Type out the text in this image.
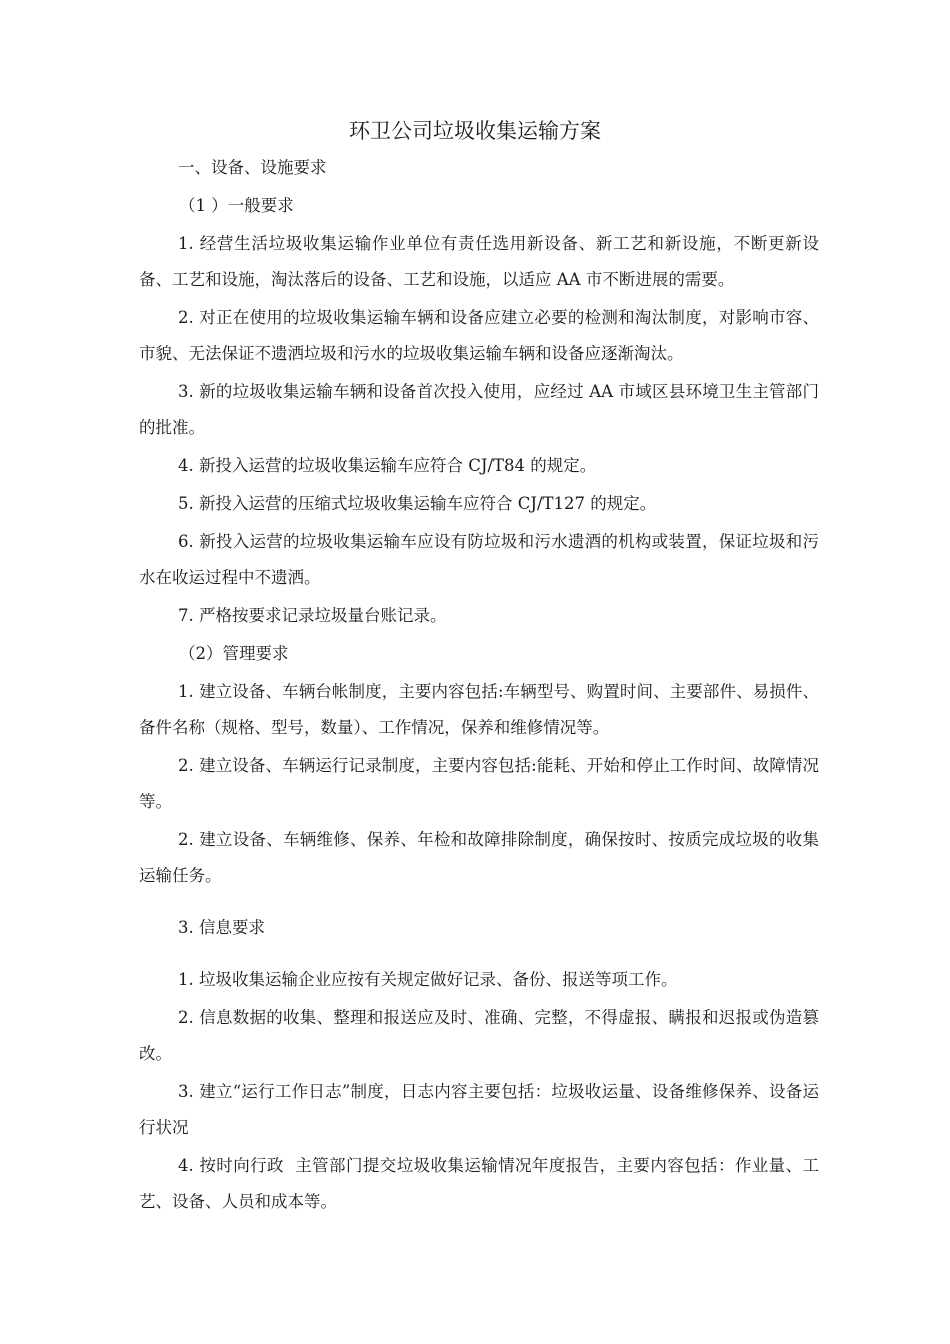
环卫公司垃圾收集运输方案

一、设备、设施要求

（1 ）一般要求

1. 经营生活垃圾收集运输作业单位有责任选用新设备、新工艺和新设施，不断更新设备、工艺和设施，淘汰落后的设备、工艺和设施，以适应 AA 市不断进展的需要。

2. 对正在使用的垃圾收集运输车辆和设备应建立必要的检测和淘汰制度，对影响市容、市貌、无法保证不遗洒垃圾和污水的垃圾收集运输车辆和设备应逐渐淘汰。

3. 新的垃圾收集运输车辆和设备首次投入使用，应经过 AA 市域区县环境卫生主管部门的批准。

4. 新投入运营的垃圾收集运输车应符合 CJ/T84 的规定。

5. 新投入运营的压缩式垃圾收集运输车应符合 CJ/T127 的规定。

6. 新投入运营的垃圾收集运输车应设有防垃圾和污水遗酒的机构或装置，保证垃圾和污水在收运过程中不遗洒。

7. 严格按要求记录垃圾量台账记录。

（2）管理要求

1. 建立设备、车辆台帐制度，主要内容包括:车辆型号、购置时间、主要部件、易损件、备件名称（规格、型号，数量）、工作情况，保养和维修情况等。

2. 建立设备、车辆运行记录制度，主要内容包括:能耗、开始和停止工作时间、故障情况等。

2. 建立设备、车辆维修、保养、年检和故障排除制度，确保按时、按质完成垃圾的收集运输任务。

3. 信息要求

1. 垃圾收集运输企业应按有关规定做好记录、备份、报送等项工作。

2. 信息数据的收集、整理和报送应及时、准确、完整，不得虚报、瞒报和迟报或伪造篡改。

3. 建立“运行工作日志”制度，日志内容主要包括：垃圾收运量、设备维修保养、设备运行状况

4. 按时向行政  主管部门提交垃圾收集运输情况年度报告，主要内容包括：作业量、工艺、设备、人员和成本等。
